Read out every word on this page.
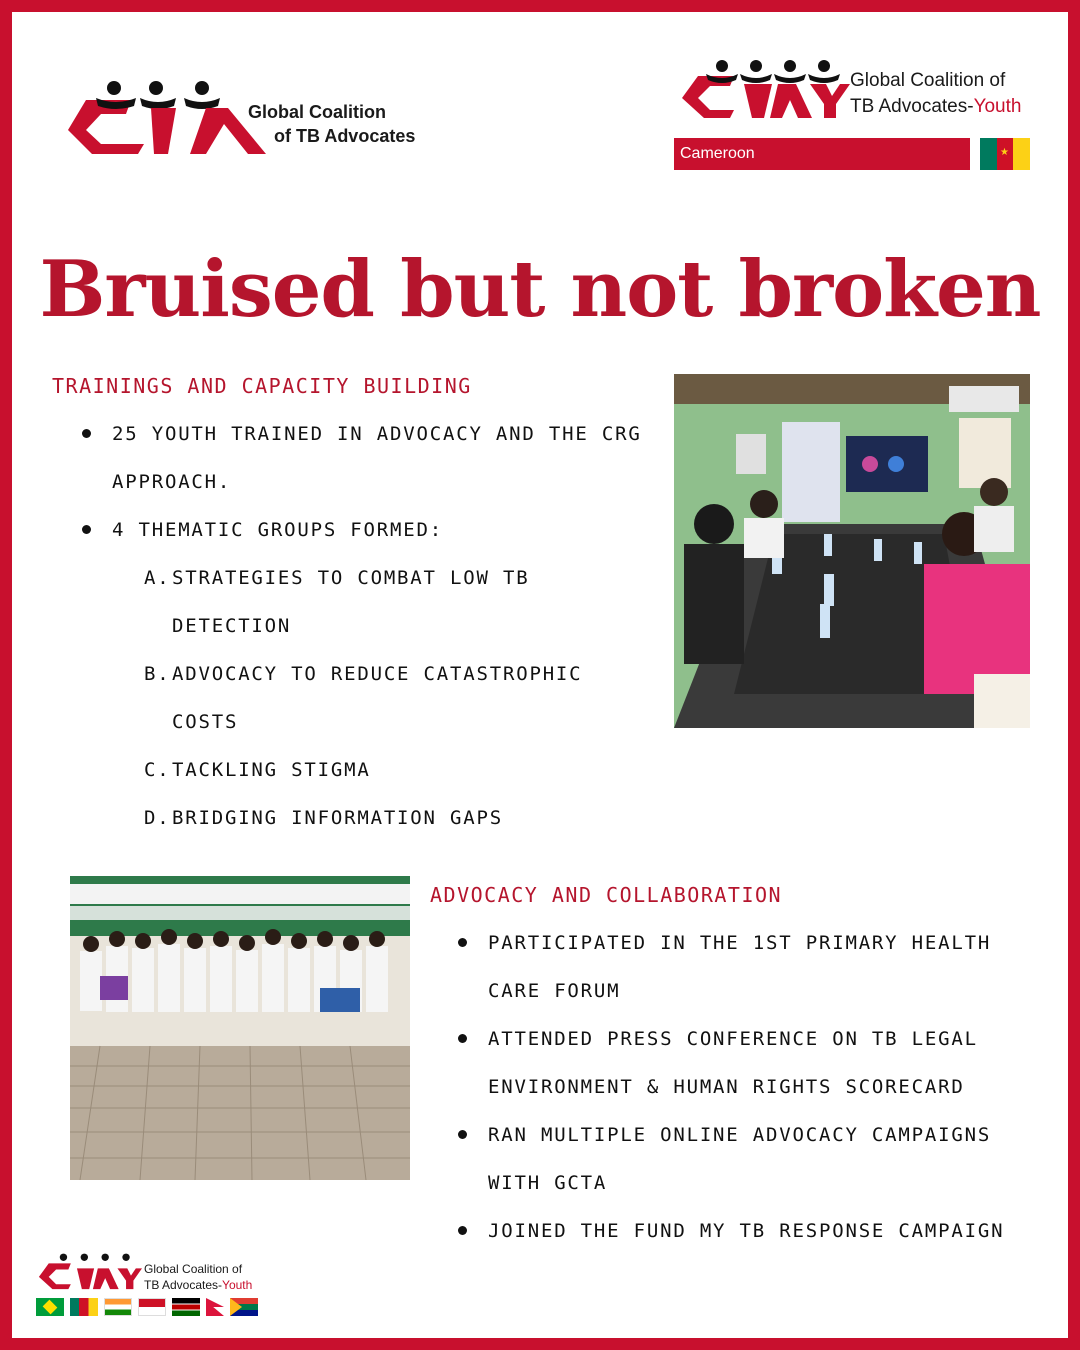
Global Coalition
of TB Advocates
Global Coalition of
TB Advocates-Youth
Cameroon	★
Bruised but not broken
TRAININGS AND CAPACITY BUILDING
25 YOUTH TRAINED IN ADVOCACY AND THE CRG APPROACH.
4 THEMATIC GROUPS FORMED:
A. STRATEGIES TO COMBAT LOW TB DETECTION
B. ADVOCACY TO REDUCE CATASTROPHIC COSTS
C. TACKLING STIGMA
D. BRIDGING INFORMATION GAPS
ADVOCACY AND COLLABORATION
PARTICIPATED IN THE 1ST PRIMARY HEALTH CARE FORUM
ATTENDED PRESS CONFERENCE ON TB LEGAL ENVIRONMENT & HUMAN RIGHTS SCORECARD
RAN MULTIPLE ONLINE ADVOCACY CAMPAIGNS WITH GCTA
JOINED THE FUND MY TB RESPONSE CAMPAIGN
Global Coalition of
TB Advocates-Youth
